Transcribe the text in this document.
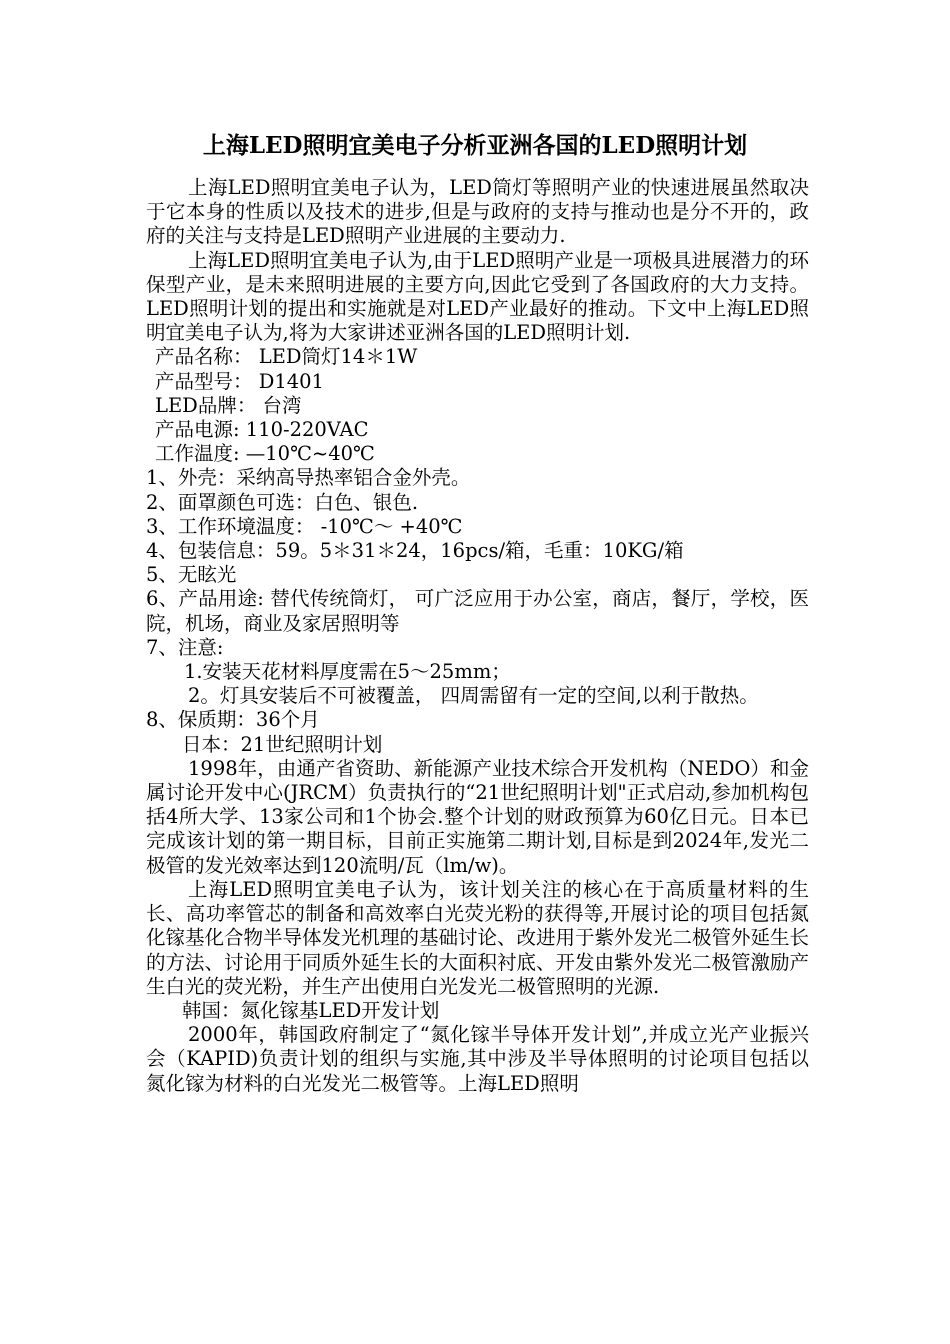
上海LED照明宜美电子分析亚洲各国的LED照明计划

上海LED照明宜美电子认为，LED筒灯等照明产业的快速进展虽然取决于它本身的性质以及技术的进步,但是与政府的支持与推动也是分不开的，政府的关注与支持是LED照明产业进展的主要动力.

上海LED照明宜美电子认为,由于LED照明产业是一项极具进展潜力的环保型产业，是未来照明进展的主要方向,因此它受到了各国政府的大力支持。LED照明计划的提出和实施就是对LED产业最好的推动。下文中上海LED照明宜美电子认为,将为大家讲述亚洲各国的LED照明计划.

产品名称： LED筒灯14＊1W
产品型号： D1401
LED品牌： 台湾
产品电源: 110-220VAC
工作温度: —10℃~40℃
1、外壳：采纳高导热率铝合金外壳。
2、面罩颜色可选：白色、银色.
3、工作环境温度： -10℃～ +40℃
4、包装信息：59。5＊31＊24，16pcs/箱，毛重：10KG/箱
5、无眩光
6、产品用途: 替代传统筒灯， 可广泛应用于办公室，商店，餐厅，学校，医院，机场，商业及家居照明等
7、注意:
1.安装天花材料厚度需在5～25mm；
2。灯具安装后不可被覆盖， 四周需留有一定的空间,以利于散热。
8、保质期：36个月
日本：21世纪照明计划

1998年，由通产省资助、新能源产业技术综合开发机构（NEDO）和金属讨论开发中心(JRCM）负责执行的“21世纪照明计划"正式启动,参加机构包括4所大学、13家公司和1个协会.整个计划的财政预算为60亿日元。日本已完成该计划的第一期目标，目前正实施第二期计划,目标是到2024年,发光二极管的发光效率达到120流明/瓦（lm/w)。

上海LED照明宜美电子认为，该计划关注的核心在于高质量材料的生长、高功率管芯的制备和高效率白光荧光粉的获得等,开展讨论的项目包括氮化镓基化合物半导体发光机理的基础讨论、改进用于紫外发光二极管外延生长的方法、讨论用于同质外延生长的大面积衬底、开发由紫外发光二极管激励产生白光的荧光粉，并生产出使用白光发光二极管照明的光源.

韩国：氮化镓基LED开发计划

2000年，韩国政府制定了“氮化镓半导体开发计划”,并成立光产业振兴会（KAPID)负责计划的组织与实施,其中涉及半导体照明的讨论项目包括以氮化镓为材料的白光发光二极管等。上海LED照明
